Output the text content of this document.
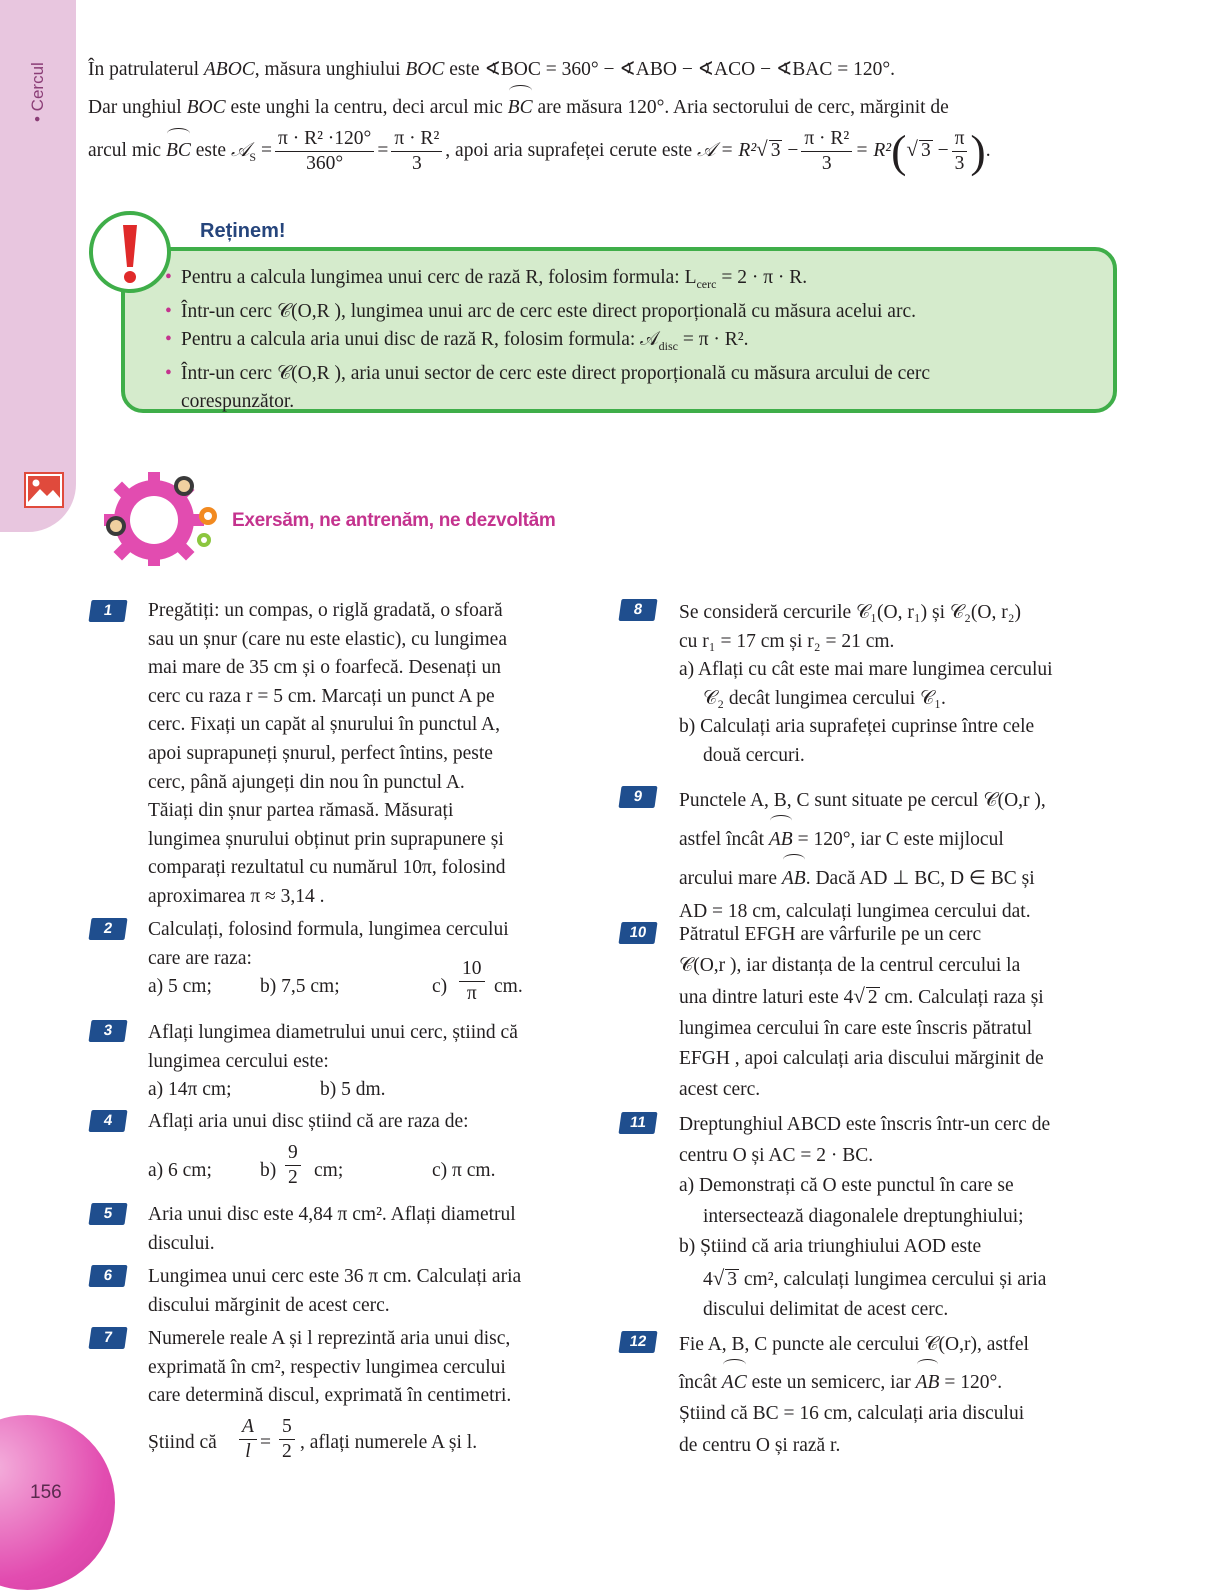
• Cercul
156
În patrulaterul ABOC, măsura unghiului BOC este ∢BOC = 360° − ∢ABO − ∢ACO − ∢BAC = 120°.
Dar unghiul BOC este unghi la centru, deci arcul mic BC are măsura 120°. Aria sectorului de cerc, mărginit de
arcul mic BC este 𝒜$_S$ = $\frac{\text{π · R² ·120°}}{360^\circ} = \frac{\text{π · R²}}{3}$ , apoi aria suprafeței cerute este 𝒜 = R²√ $3 - \frac{\text{π · R²}}{3} = R^2(√$ $3 - \frac{\pi}{3}$ ).
Reținem!
• Pentru a calcula lungimea unui cerc de rază R, folosim formula: $L_{cerc} = 2 \cdot \pi \cdot R$.
• Într-un cerc 𝒞(O,R ), lungimea unui arc de cerc este direct proporțională cu măsura acelui arc.
• Pentru a calcula aria unui disc de rază R, folosim formula: 𝒜$_{disc}$ = π · R².
• Într-un cerc 𝒞(O,R ), aria unui sector de cerc este direct proporțională cu măsura arcului de cerc
corespunzător.
Exersăm, ne antrenăm, ne dezvoltăm
1	Pregătiți: un compas, o riglă gradată, o sfoară
sau un șnur (care nu este elastic), cu lungimea
mai mare de 35 cm și o foarfecă. Desenați un
cerc cu raza r = 5 cm. Marcați un punct A pe
cerc. Fixați un capăt al șnurului în punctul A,
apoi suprapuneți șnurul, perfect întins, peste
cerc, până ajungeți din nou în punctul A.
Tăiați din șnur partea rămasă. Măsurați
lungimea șnurului obținut prin suprapunere și
comparați rezultatul cu numărul 10π, folosind
aproximarea π ≈ 3,14 .
2	Calculați, folosind formula, lungimea cercului
care are raza:
a) 5 cm; b) 7,5 cm;	$c) \frac{10}{\pi}$ cm.
3	Aflați lungimea diametrului unui cerc, știind că
lungimea cercului este:
a) 14π cm;	b) 5 dm.
4	Aflați aria unui disc știind că are raza de:
a) 6 cm; $b) \frac{9}{2}$ cm;	c) π cm.
5	Aria unui disc este 4,84 π cm². Aflați diametrul
discului.
6	Lungimea unui cerc este 36 π cm. Calculați aria
discului mărginit de acest cerc.
7	Numerele reale A și l reprezintă aria unui disc,
exprimată în cm², respectiv lungimea cercului
care determină discul, exprimată în centimetri.
Știind că $\frac{A}{l} = \frac{5}{2}$ , aflați numerele A și l.
8	Se consideră cercurile 𝒞₁(O, r₁) și 𝒞₂(O, r₂)
cu r₁ = 17 cm și r₂ = 21 cm.
a) Aflați cu cât este mai mare lungimea cercului
𝒞₂ decât lungimea cercului 𝒞₁.
b) Calculați aria suprafeței cuprinse între cele
două cercuri.
9	Punctele A, B, C sunt situate pe cercul 𝒞(O,r ),
astfel încât AB = 120°, iar C este mijlocul
arcului mare AB. Dacă AD ⊥ BC, D ∈ BC și
AD = 18 cm, calculați lungimea cercului dat.
10	Pătratul EFGH are vârfurile pe un cerc
𝒞(O,r ), iar distanța de la centrul cercului la
una dintre laturi este 4√ 2 cm. Calculați raza și
lungimea cercului în care este înscris pătratul
EFGH , apoi calculați aria discului mărginit de
acest cerc.
11	Dreptunghiul ABCD este înscris într-un cerc de
centru O și AC = 2 · BC.
a) Demonstrați că O este punctul în care se
intersectează diagonalele dreptunghiului;
b) Știind că aria triunghiului AOD este
4√ 3 cm², calculați lungimea cercului și aria
discului delimitat de acest cerc.
12	Fie A, B, C puncte ale cercului 𝒞(O,r), astfel
încât AC este un semicerc, iar AB = 120°.
Știind că BC = 16 cm, calculați aria discului
de centru O și rază r.
